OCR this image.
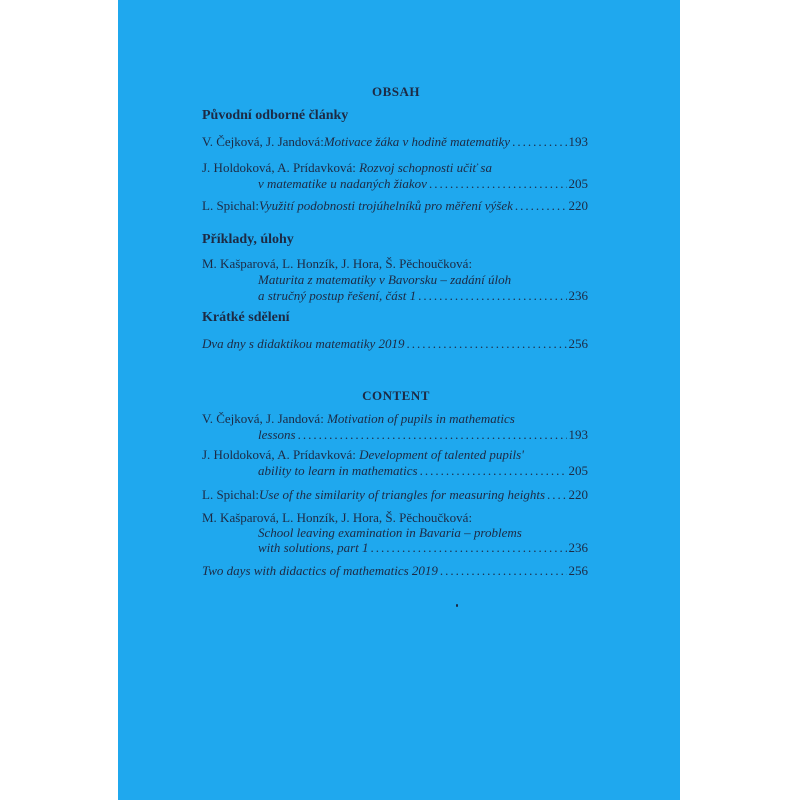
OBSAH
Původní odborné články
V. Čejková, J. Jandová: Motivace žáka v hodině matematiky .....	193
J. Holdoková, A. Prídavková: Rozvoj schopnosti učiť sa
v matematike u nadaných žiakov .....	205
L. Spichal: Využití podobnosti trojúhelníků pro měření výšek .....	220
Příklady, úlohy
M. Kašparová, L. Honzík, J. Hora, Š. Pěchoučková:
Maturita z matematiky v Bavorsku – zadání úloh
a stručný postup řešení, část 1 .....	236
Krátké sdělení
Dva dny s didaktikou matematiky 2019 .....	256
CONTENT
V. Čejková, J. Jandová: Motivation of pupils in mathematics
lessons .....	193
J. Holdoková, A. Prídavková: Development of talented pupils'
ability to learn in mathematics .....	205
L. Spichal: Use of the similarity of triangles for measuring heights ..... 220
M. Kašparová, L. Honzík, J. Hora, Š. Pěchoučková:
School leaving examination in Bavaria – problems
with solutions, part 1 .....	236
Two days with didactics of mathematics 2019 .....	256
